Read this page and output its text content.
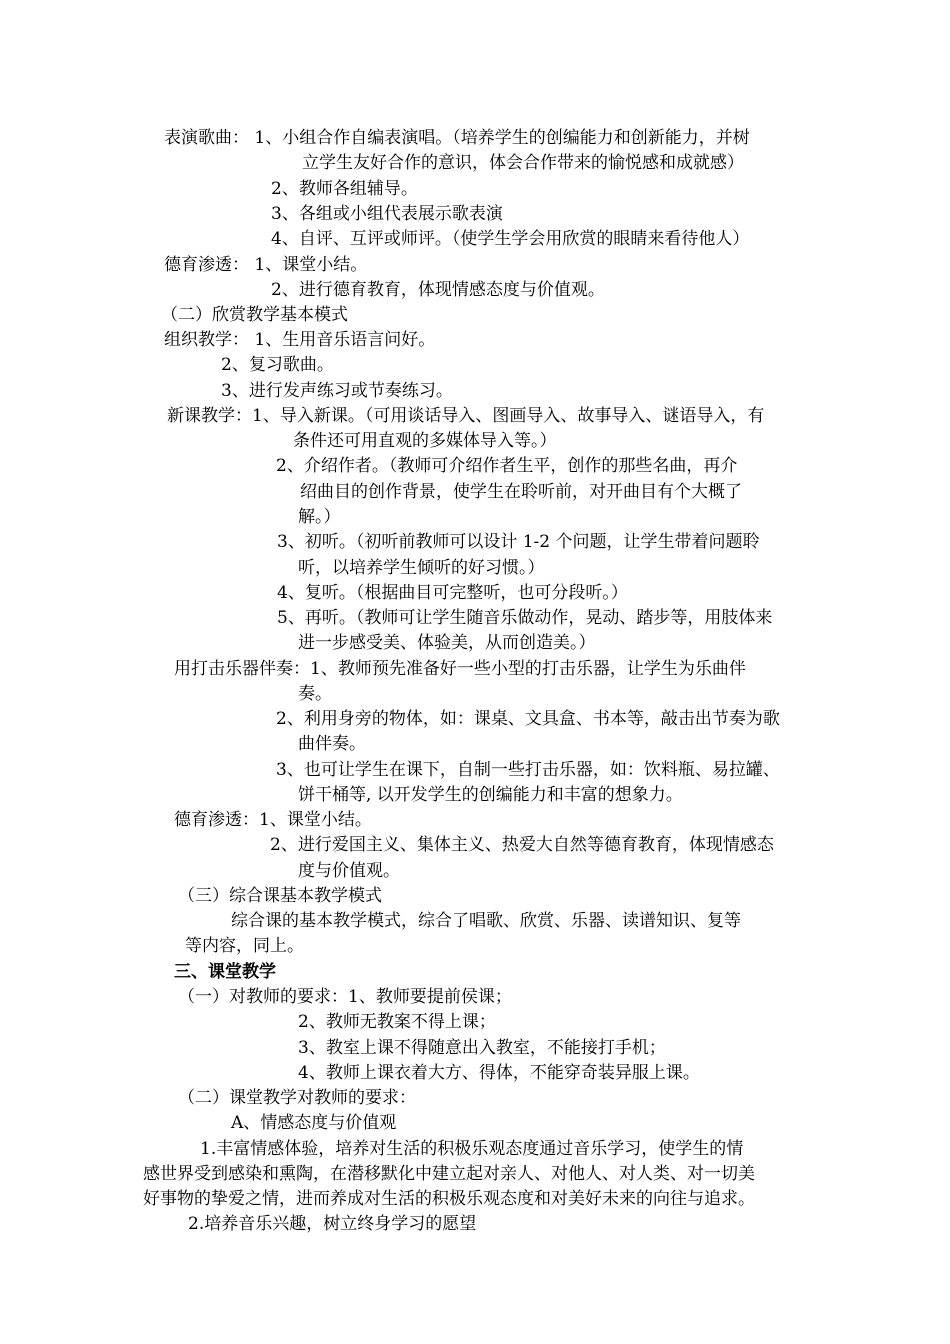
表演歌曲： 1、小组合作自编表演唱。（培养学生的创编能力和创新能力，并树
立学生友好合作的意识，体会合作带来的愉悦感和成就感）
2、教师各组辅导。
3、各组或小组代表展示歌表演
4、自评、互评或师评。（使学生学会用欣赏的眼睛来看待他人）
德育渗透： 1、课堂小结。
2、进行德育教育，体现情感态度与价值观。
（二）欣赏教学基本模式
组织教学： 1、生用音乐语言问好。
2、复习歌曲。
3、进行发声练习或节奏练习。
新课教学：1、导入新课。（可用谈话导入、图画导入、故事导入、谜语导入，有
条件还可用直观的多媒体导入等。）
2、介绍作者。（教师可介绍作者生平，创作的那些名曲，再介
绍曲目的创作背景，使学生在聆听前，对开曲目有个大概了
解。）
3、初听。（初听前教师可以设计 1-2 个问题，让学生带着问题聆
听，以培养学生倾听的好习惯。）
4、复听。（根据曲目可完整听，也可分段听。）
5、再听。（教师可让学生随音乐做动作，晃动、踏步等，用肢体来
进一步感受美、体验美，从而创造美。）
用打击乐器伴奏：1、教师预先准备好一些小型的打击乐器，让学生为乐曲伴
奏。
2、利用身旁的物体，如：课桌、文具盒、书本等，敲击出节奏为歌
曲伴奏。
3、也可让学生在课下，自制一些打击乐器，如：饮料瓶、易拉罐、
饼干桶等, 以开发学生的创编能力和丰富的想象力。
德育渗透：1、课堂小结。
2、进行爱国主义、集体主义、热爱大自然等德育教育，体现情感态
度与价值观。
（三）综合课基本教学模式
综合课的基本教学模式，综合了唱歌、欣赏、乐器、读谱知识、复等
等内容，同上。
三、课堂教学
（一）对教师的要求：1、教师要提前侯课；
2、教师无教案不得上课；
3、教室上课不得随意出入教室，不能接打手机；
4、教师上课衣着大方、得体，不能穿奇装异服上课。
（二）课堂教学对教师的要求：
A、情感态度与价值观
1.丰富情感体验，培养对生活的积极乐观态度通过音乐学习，使学生的情
感世界受到感染和熏陶，在潜移默化中建立起对亲人、对他人、对人类、对一切美
好事物的挚爱之情，进而养成对生活的积极乐观态度和对美好未来的向往与追求。
2.培养音乐兴趣，树立终身学习的愿望
